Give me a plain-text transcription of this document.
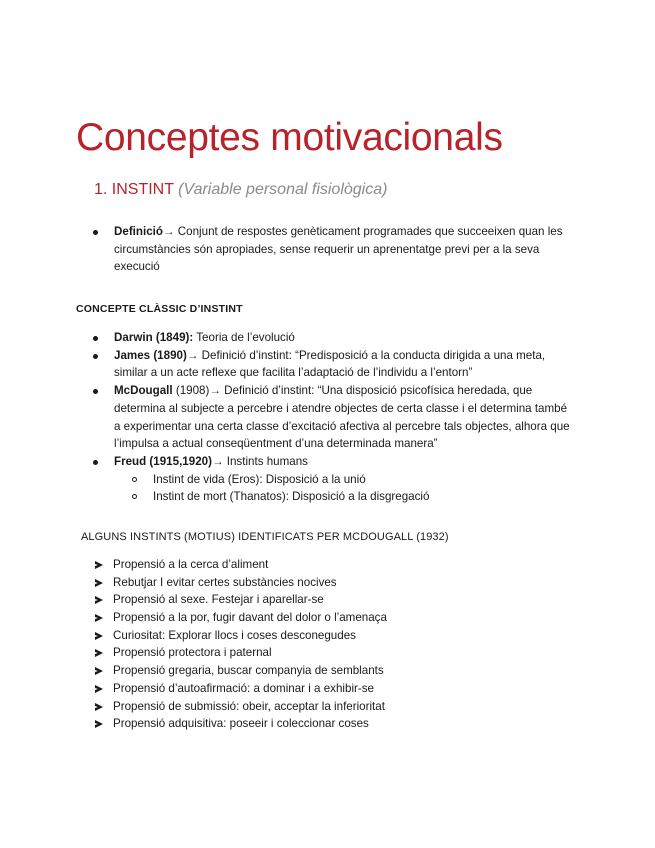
Conceptes motivacionals
1. INSTINT (Variable personal fisiològica)
Definició→ Conjunt de respostes genèticament programades que succeeixen quan les circumstàncies són apropiades, sense requerir un aprenentatge previ per a la seva execució
CONCEPTE CLÀSSIC D’INSTINT
Darwin (1849): Teoria de l’evolució
James (1890)→ Definició d’instint: “Predisposició a la conducta dirigida a una meta, similar a un acte reflexe que facilita l’adaptació de l’individu a l’entorn”
McDougall (1908)→ Definició d’instint: “Una disposició psicofísica heredada, que determina al subjecte a percebre i atendre objectes de certa classe i el determina també a experimentar una certa classe d’excitació afectiva al percebre tals objectes, alhora que l’impulsa a actual conseqüentment d’una determinada manera”
Freud (1915,1920)→ Instints humans
Instint de vida (Eros): Disposició a la unió
Instint de mort (Thanatos): Disposició a la disgregació
ALGUNS INSTINTS (MOTIUS) IDENTIFICATS PER MCDOUGALL (1932)
Propensió a la cerca d’aliment
Rebutjar I evitar certes substàncies nocives
Propensió al sexe. Festejar i aparellar-se
Propensió a la por, fugir davant del dolor o l’amenaça
Curiositat: Explorar llocs i coses desconegudes
Propensió protectora i paternal
Propensió gregaria, buscar companyia de semblants
Propensió d’autoafirmació: a dominar i a exhibir-se
Propensió de submissió: obeir, acceptar la inferioritat
Propensió adquisitiva: poseeir i coleccionar coses
